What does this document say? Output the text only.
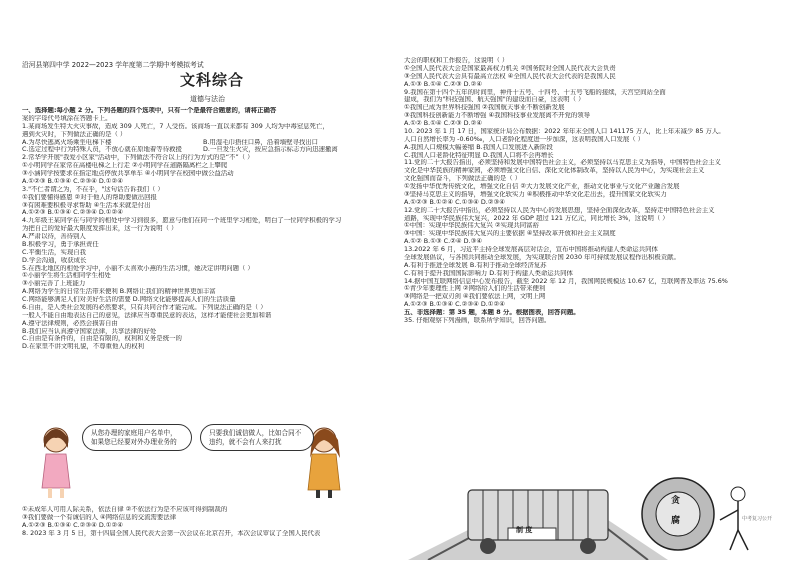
沿河县第四中学 2022—2023 学年度第二学期中考模拟考试
文科综合
道德与法治

一、选择题:每小题 2 分。下列各题的四个选项中，只有一个是最符合题意的，请将正确答

案的字母代号填涂在答题卡上。

1.某商场发生特大火灾事故，造成 309 人死亡，7 人受伤。该商场一直以来都有 309 人均为中毒窒息死亡，

遇到火灾时，下列做法正确的是（ ）

A.为尽快逃离火场乘坐电梯下楼	B.用湿毛巾捂住口鼻，沿着墙壁寻找出口
C.选定过程中行为特殊人员，不放心就在原地着等待救援	D.一旦发生火灾，按应急指示标志方向迅速撤离

2.常华学开展"我爱小区家"活动中，下列做法不符合以上的行为方式的是“不”（ ）

①小明同学在家常在高楼电梯之上行走 ②小明同学在道路隔离栏之上攀爬

③小涵同学按要求在指定地点停放共享单车 ④小明同学在校园中做公益活动

A.①②③ B.①③④ C.②③④ D.①②④

3."不仁者谓之为，不在乎，"这句话告诉我们（ ）

①我们要懂得感恩 ②对于他人的帮助要做出回报

③有困难要积极寻求帮助 ④生活本来就是付出

A.①②③ B.①③④ C.②③④ D.①②④

4.九年级王某同学在与同学的相处中学习到很多，愿意与他们在同一个班里学习相处，明白了一位同学积极的学习

为把自己的爱好最大限度发挥出来，这一行为说明（ ）

A.严肃以待，善待别人

B.积极学习，勇于承担责任

C.平衡生活，实现自我

D.学会沟通，收获成长

5.在西北地区的相处学习中，小丽不太喜欢小燕的生活习惯，她决定讲明问题（ ）

①小丽学生将生活相同学生相处

③小丽完善了上班能力

A.网络为学生的日常生活带来便利 B.网络让我们的精神世界更加丰富
C.网络能够满足人们对美好生活的需要 D.网络文化能够提高人们的生活质量

6.自由，是人类社会发展的必然要求，只有共同合作才能完成。下列说法正确的是（ ）

一般人不能自由地表达自己的意见，法律应当尊重民意的表达，这样才能使社会更加和谐

A.遵守法律规则，必然会损害自由

B.我们应当认真遵守国家法律，共享法律的好处

C.自由是有条件的，自由是有限的，权利和义务是统一的

D.在家里不讲文明礼貌，不尊重他人的权利

从您办理的家庭用户名单中，如果您已经要对外办理业务的
只要我们诚信做人，比如合同不违约，就不会有人来打扰

①未成年人可用人际关系，依法自律 ②不依法行为是不应该可得到制裁的

③我们要做一个有诚信的人 ④网络信息的交流需要法律

A.①②③ B.①③④ C.②③④ D.①②④

8. 2023 年 3 月 5 日，第十四届全国人民代表大会第一次会议在北京召开，本次会议审议了全国人民代表

大会的职权和工作报告，这说明（ ）

①全国人民代表大会是国家最高权力机关 ②国务院对全国人民代表大会负责

③全国人民代表大会具有最高立法权 ④全国人民代表大会代表的是我国人民

A.①③ B.①④ C.②③ D.②④

9.我国在第十四个五年的时间里，神舟十五号、十四号、十五号飞船的接续，天宫空间站全面

建成，我们为"科技强国、航天强国"的建设而自豪，这表明（ ）

①我国已成为世界科技强国 ②我国航天事业不断创新发展

③我国科技创新能力不断增强 ④我国科技事业发展离不开党的领导

A.①② B.①④ C.②③ D.②④

10. 2023 年 1 月 17 日，国家统计局公布数据：2022 年年末全国人口 141175 万人，比上年末减少 85 万人。

人口自然增长率为 -0.60‰，人口老龄化程度进一步加深，这表明我国人口发展（ ）

A.我国人口规模大幅萎缩 B.我国人口发展进入新阶段

C.我国人口老龄化特征明显 D.我国人口将不会再增长

11.党的二十大报告指出，必须坚持和发展中国特色社会主义，必须坚持以马克思主义为指导，中国特色社会主义

文化是中华民族的精神家园，必须增强文化自信、深化文化体制改革，坚持以人民为中心，为实现社会主义

文化强国而奋斗，下列做法正确的是（ ）

①发扬中华优秀传统文化，增强文化自信 ②大力发展文化产业，推动文化事业与文化产业融合发展

③坚持马克思主义的指导，增强文化软实力 ④积极推动中华文化走出去，提升国家文化软实力

A.①②③ B.①②④ C.①③④ D.②③④

12.党的二十大报告中指出，必须坚持以人民为中心的发展思想，坚持全面深化改革，坚持走中国特色社会主义

道路，实现中华民族伟大复兴，2022 年 GDP 超过 121 万亿元，同比增长 3%，这说明（ ）

①中国：实现中华民族伟大复兴 ②实现共同富裕

③中国：实现中华民族伟大复兴的主要依据 ④坚持改革开放和社会主义制度

A.①② B.①③ C.②④ D.③④

13.2022 年 6 月，习近平主持全球发展高层对话会，宣布中国将推动构建人类命运共同体

全球发展倡议，与各国共同推动全球发展，为实现联合国 2030 年可持续发展议程作出积极贡献。

A.有利于推进全球发展 B.有利于推动全球经济复苏

C.有利于提升我国国际影响力 D.有利于构建人类命运共同体

14.据中国互联网络信息中心发布报告，截至 2022 年 12 月，我国网民规模达 10.67 亿，互联网普及率达 75.6%

①青少年要理性上网 ②网络给人们的生活带来便利

③网络是一把双刃剑 ④我们要依法上网，文明上网

A.①②③ B.①③④ C.②③④ D.①②④

五、非选择题：第 35 题，本题 8 分。根据图表，回答问题。

35. 仔细观察下列漫画，联系所学知识，回答问题。

制 度
贪
腐	中考复习公开
